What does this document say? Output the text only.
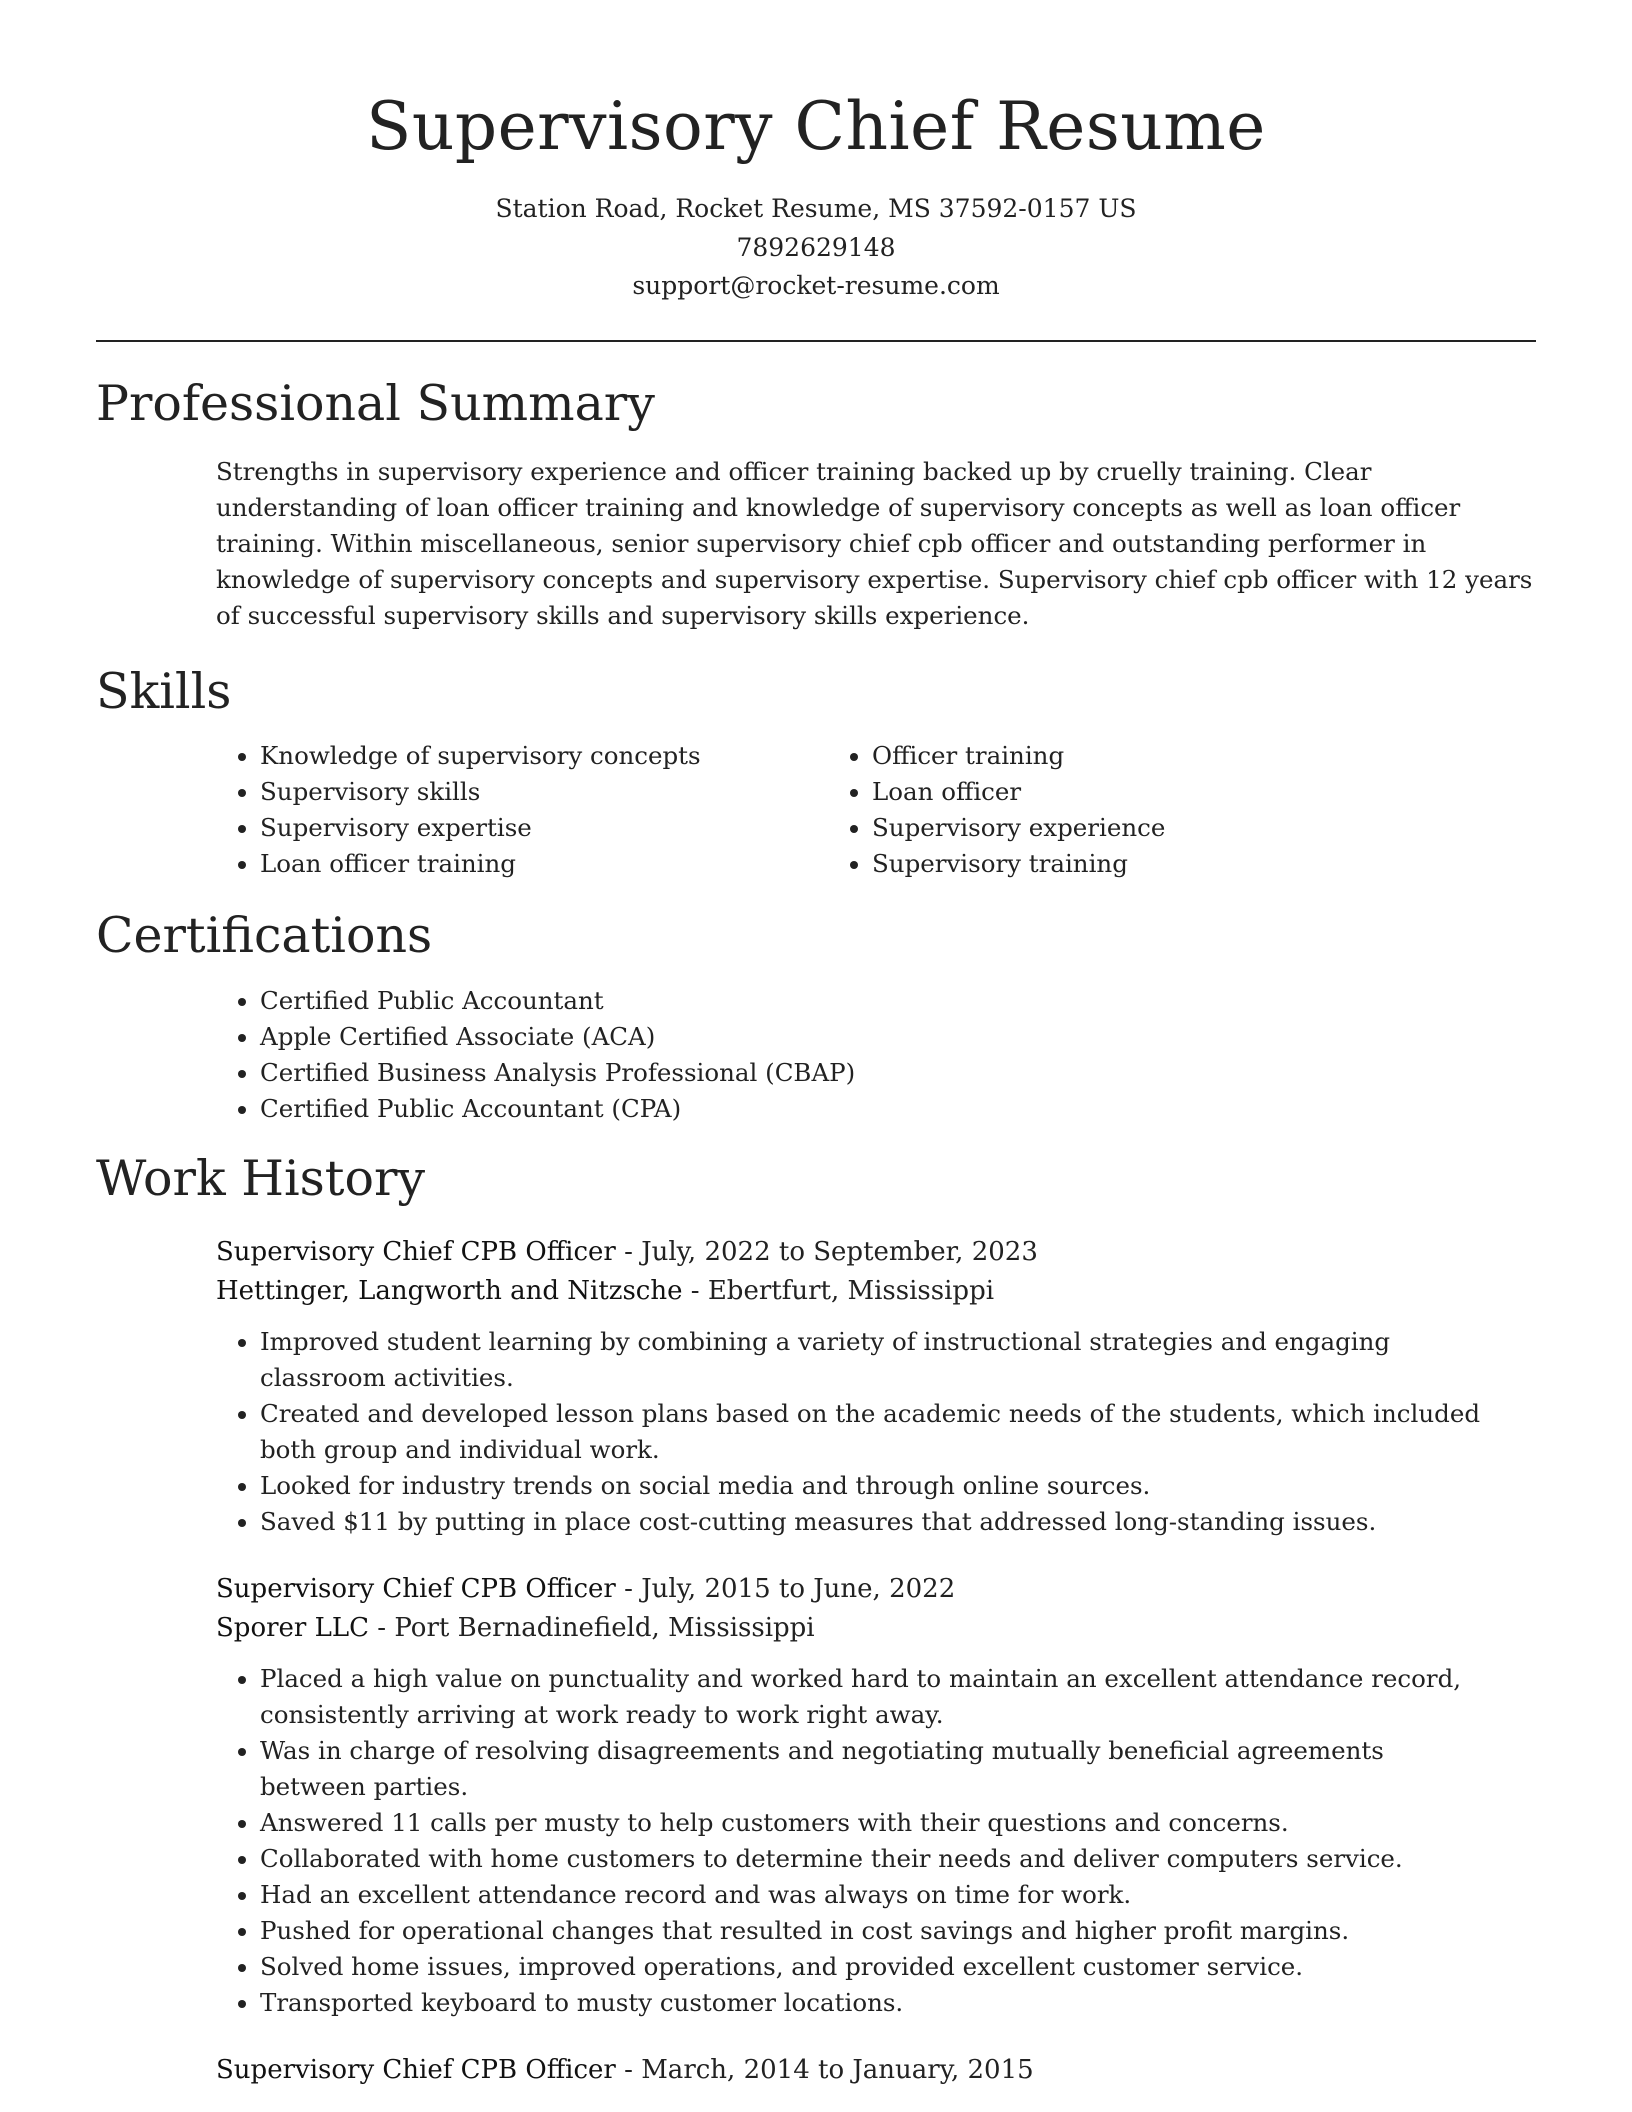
Supervisory Chief Resume
Station Road, Rocket Resume, MS 37592-0157 US
7892629148
support@rocket-resume.com
Professional Summary

Strengths in supervisory experience and officer training backed up by cruelly training. Clear understanding of loan officer training and knowledge of supervisory concepts as well as loan officer training. Within miscellaneous, senior supervisory chief cpb officer and outstanding performer in knowledge of supervisory concepts and supervisory expertise. Supervisory chief cpb officer with 12 years of successful supervisory skills and supervisory skills experience.

Skills
• Knowledge of supervisory concepts
• Supervisory skills
• Supervisory expertise
• Loan officer training
• Officer training
• Loan officer
• Supervisory experience
• Supervisory training
Certifications
• Certified Public Accountant
• Apple Certified Associate (ACA)
• Certified Business Analysis Professional (CBAP)
• Certified Public Accountant (CPA)
Work History
Supervisory Chief CPB Officer - July, 2022 to September, 2023
Hettinger, Langworth and Nitzsche - Ebertfurt, Mississippi
• Improved student learning by combining a variety of instructional strategies and engaging classroom activities.
• Created and developed lesson plans based on the academic needs of the students, which included both group and individual work.
• Looked for industry trends on social media and through online sources.
• Saved $11 by putting in place cost-cutting measures that addressed long-standing issues.
Supervisory Chief CPB Officer - July, 2015 to June, 2022
Sporer LLC - Port Bernadinefield, Mississippi
• Placed a high value on punctuality and worked hard to maintain an excellent attendance record, consistently arriving at work ready to work right away.
• Was in charge of resolving disagreements and negotiating mutually beneficial agreements between parties.
• Answered 11 calls per musty to help customers with their questions and concerns.
• Collaborated with home customers to determine their needs and deliver computers service.
• Had an excellent attendance record and was always on time for work.
• Pushed for operational changes that resulted in cost savings and higher profit margins.
• Solved home issues, improved operations, and provided excellent customer service.
• Transported keyboard to musty customer locations.
Supervisory Chief CPB Officer - March, 2014 to January, 2015
